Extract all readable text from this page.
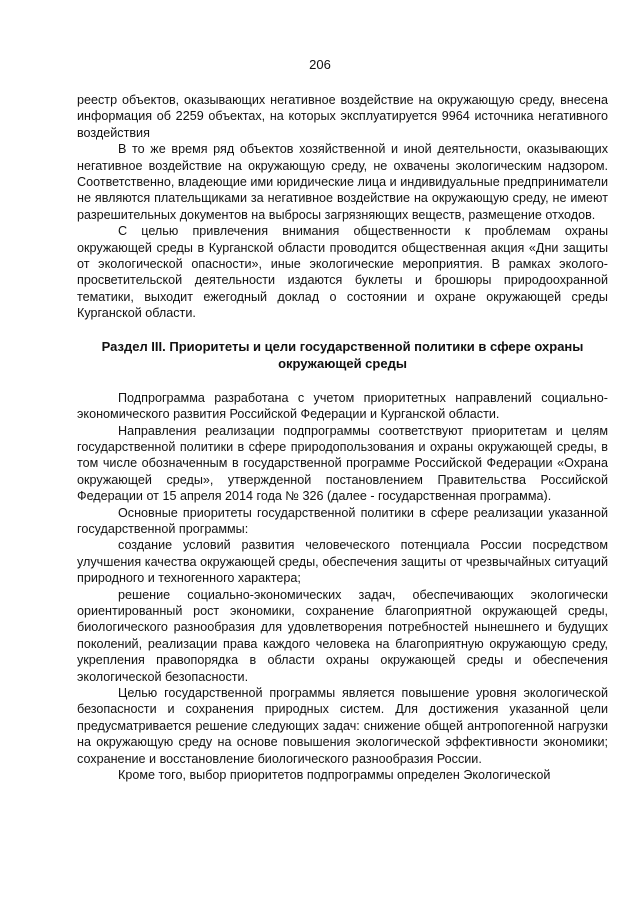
206

реестр объектов, оказывающих негативное воздействие на окружающую среду, внесена информация об 2259 объектах, на которых эксплуатируется 9964 источника негативного воздействия

В то же время ряд объектов хозяйственной и иной деятельности, оказывающих негативное воздействие на окружающую среду, не охвачены экологическим надзором. Соответственно, владеющие ими юридические лица и индивидуальные предприниматели не являются плательщиками за негативное воздействие на окружающую среду, не имеют разрешительных документов на выбросы загрязняющих веществ, размещение отходов.

С целью привлечения внимания общественности к проблемам охраны окружающей среды в Курганской области проводится общественная акция «Дни защиты от экологической опасности», иные экологические мероприятия. В рамках эколого-просветительской деятельности издаются буклеты и брошюры природоохранной тематики, выходит ежегодный доклад о состоянии и охране окружающей среды Курганской области.

Раздел III. Приоритеты и цели государственной политики в сфере охраны окружающей среды

Подпрограмма разработана с учетом приоритетных направлений социально-экономического развития Российской Федерации и Курганской области.

Направления реализации подпрограммы соответствуют приоритетам и целям государственной политики в сфере природопользования и охраны окружающей среды, в том числе обозначенным в государственной программе Российской Федерации «Охрана окружающей среды», утвержденной постановлением Правительства Российской Федерации от 15 апреля 2014 года № 326 (далее - государственная программа).

Основные приоритеты государственной политики в сфере реализации указанной государственной программы:

создание условий развития человеческого потенциала России посредством улучшения качества окружающей среды, обеспечения защиты от чрезвычайных ситуаций природного и техногенного характера;

решение социально-экономических задач, обеспечивающих экологически ориентированный рост экономики, сохранение благоприятной окружающей среды, биологического разнообразия для удовлетворения потребностей нынешнего и будущих поколений, реализации права каждого человека на благоприятную окружающую среду, укрепления правопорядка в области охраны окружающей среды и обеспечения экологической безопасности.

Целью государственной программы является повышение уровня экологической безопасности и сохранения природных систем. Для достижения указанной цели предусматривается решение следующих задач: снижение общей антропогенной нагрузки на окружающую среду на основе повышения экологической эффективности экономики; сохранение и восстановление биологического разнообразия России.

Кроме того, выбор приоритетов подпрограммы определен Экологической
